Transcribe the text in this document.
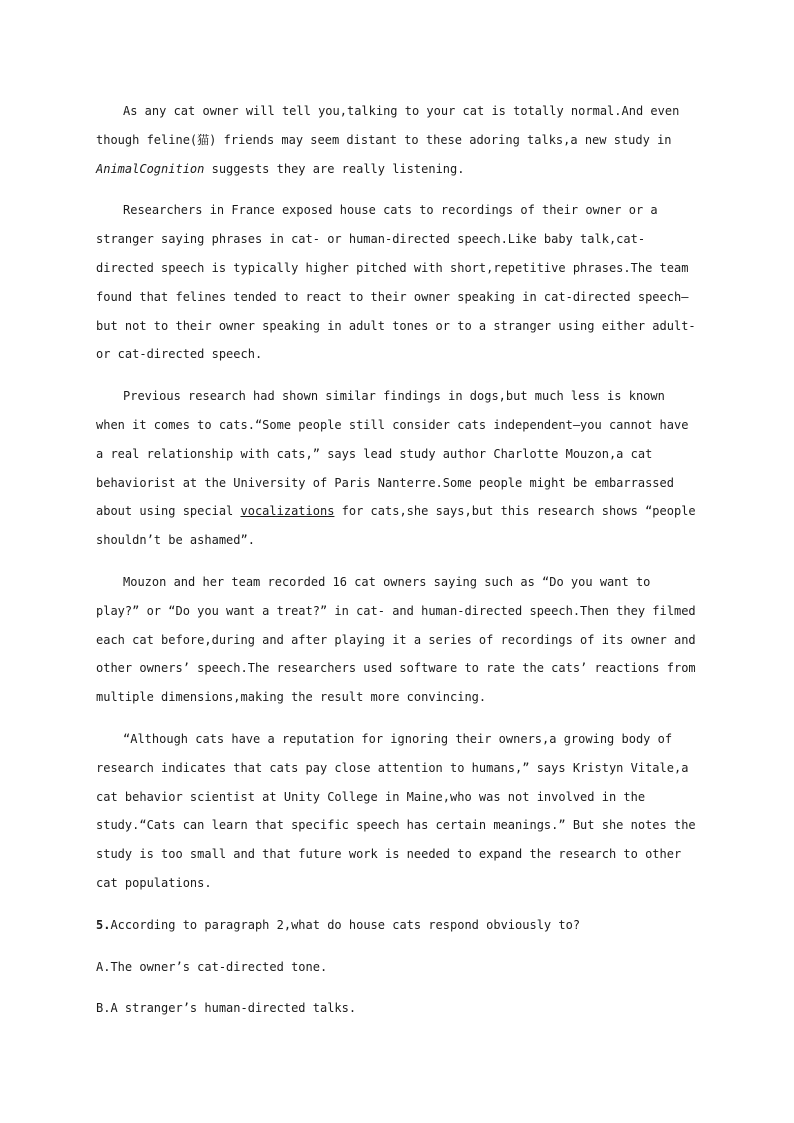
As any cat owner will tell you,talking to your cat is totally normal.And even though feline(猫) friends may seem distant to these adoring talks,a new study in AnimalCognition suggests they are really listening.

Researchers in France exposed house cats to recordings of their owner or a stranger saying phrases in cat- or human-directed speech.Like baby talk,cat-directed speech is typically higher pitched with short,repetitive phrases.The team found that felines tended to react to their owner speaking in cat-directed speech—but not to their owner speaking in adult tones or to a stranger using either adult- or cat-directed speech.

Previous research had shown similar findings in dogs,but much less is known when it comes to cats.“Some people still consider cats independent—you cannot have a real relationship with cats,” says lead study author Charlotte Mouzon,a cat behaviorist at the University of Paris Nanterre.Some people might be embarrassed about using special vocalizations for cats,she says,but this research shows “people shouldn’t be ashamed”.

Mouzon and her team recorded 16 cat owners saying such as “Do you want to play?” or “Do you want a treat?” in cat- and human-directed speech.Then they filmed each cat before,during and after playing it a series of recordings of its owner and other owners’ speech.The researchers used software to rate the cats’ reactions from multiple dimensions,making the result more convincing.

“Although cats have a reputation for ignoring their owners,a growing body of research indicates that cats pay close attention to humans,” says Kristyn Vitale,a cat behavior scientist at Unity College in Maine,who was not involved in the study.“Cats can learn that specific speech has certain meanings.” But she notes the study is too small and that future work is needed to expand the research to other cat populations.

5.According to paragraph 2,what do house cats respond obviously to?

A.The owner’s cat-directed tone.

B.A stranger’s human-directed talks.
